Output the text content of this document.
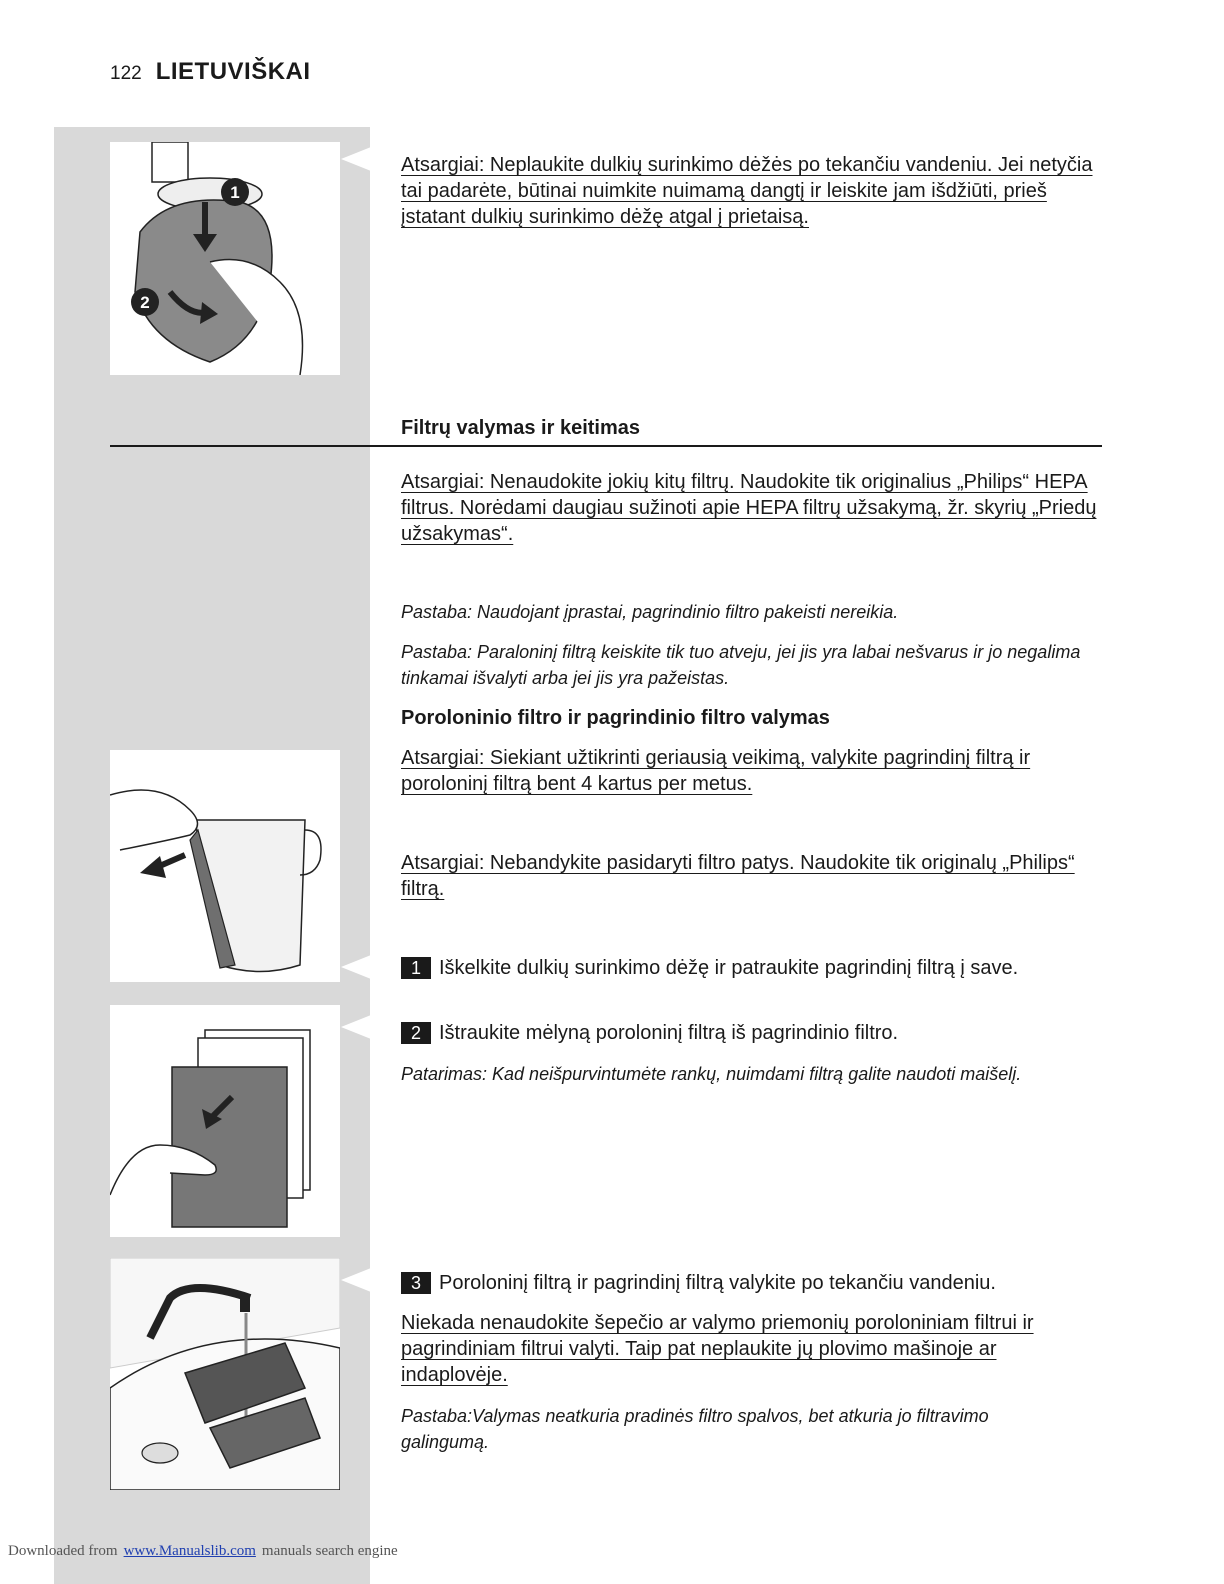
122 LIETUVIŠKAI
1
2
Atsargiai: Neplaukite dulkių surinkimo dėžės po tekančiu vandeniu. Jei netyčia tai padarėte, būtinai nuimkite nuimamą dangtį ir leiskite jam išdžiūti, prieš įstatant dulkių surinkimo dėžę atgal į prietaisą.
Filtrų valymas ir keitimas
Atsargiai: Nenaudokite jokių kitų filtrų. Naudokite tik originalius „Philips“ HEPA filtrus. Norėdami daugiau sužinoti apie HEPA filtrų užsakymą, žr. skyrių „Priedų užsakymas“.
Pastaba: Naudojant įprastai, pagrindinio filtro pakeisti nereikia.
Pastaba: Paraloninį filtrą keiskite tik tuo atveju, jei jis yra labai nešvarus ir jo negalima tinkamai išvalyti arba jei jis yra pažeistas.
Poroloninio filtro ir pagrindinio filtro valymas
Atsargiai: Siekiant užtikrinti geriausią veikimą, valykite pagrindinį filtrą ir poroloninį filtrą bent 4 kartus per metus.
Atsargiai: Nebandykite pasidaryti filtro patys. Naudokite tik originalų „Philips“ filtrą.
1 Iškelkite dulkių surinkimo dėžę ir patraukite pagrindinį filtrą į save.
2 Ištraukite mėlyną poroloninį filtrą iš pagrindinio filtro.
Patarimas: Kad neišpurvintumėte rankų, nuimdami filtrą galite naudoti maišelį.
3 Poroloninį filtrą ir pagrindinį filtrą valykite po tekančiu vandeniu.
Niekada nenaudokite šepečio ar valymo priemonių poroloniniam filtrui ir pagrindiniam filtrui valyti. Taip pat neplaukite jų plovimo mašinoje ar indaplovėje.
Pastaba:Valymas neatkuria pradinės filtro spalvos, bet atkuria jo filtravimo galingumą.
Downloaded from www.Manualslib.com manuals search engine
